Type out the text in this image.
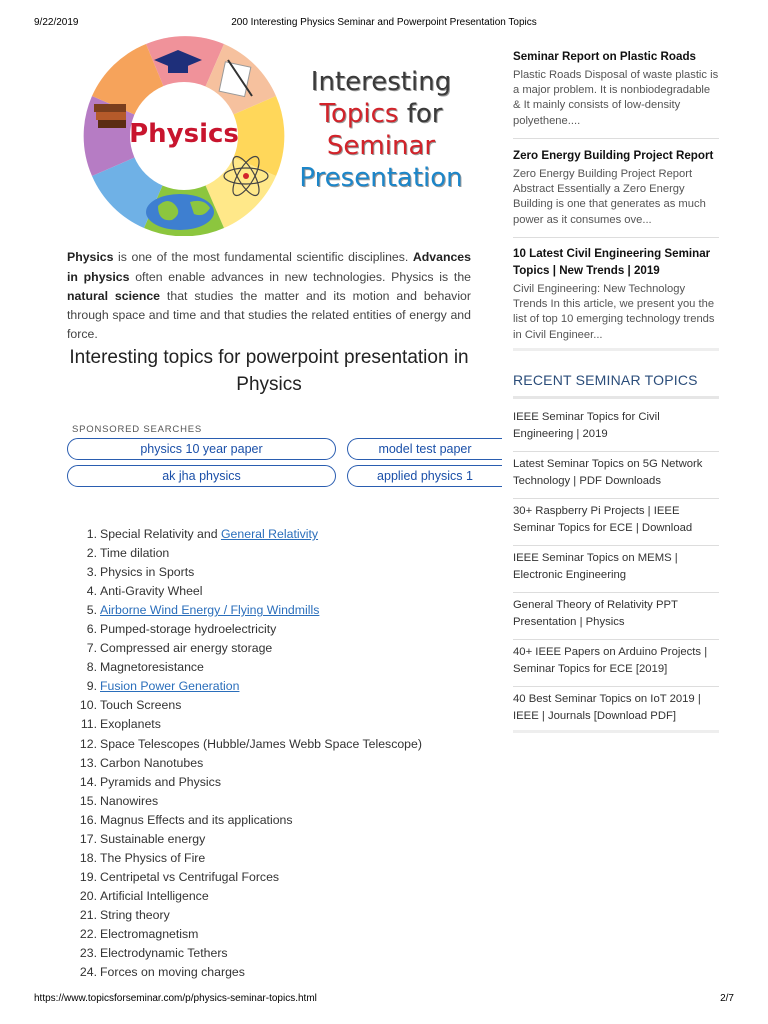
9/22/2019	200 Interesting Physics Seminar and Powerpoint Presentation Topics
Physics
Interesting
Topics for
Seminar
Presentation

Physics is one of the most fundamental scientific disciplines. Advances in physics often enable advances in new technologies. Physics is the natural science that studies the matter and its motion and behavior through space and time and that studies the related entities of energy and force.

Interesting topics for powerpoint presentation in Physics
SPONSORED SEARCHES
physics 10 year paper	model test paper
ak jha physics	applied physics 1
1. Special Relativity and General Relativity
2. Time dilation
3. Physics in Sports
4. Anti-Gravity Wheel
5. Airborne Wind Energy / Flying Windmills
6. Pumped-storage hydroelectricity
7. Compressed air energy storage
8. Magnetoresistance
9. Fusion Power Generation
10. Touch Screens
11. Exoplanets
12. Space Telescopes (Hubble/James Webb Space Telescope)
13. Carbon Nanotubes
14. Pyramids and Physics
15. Nanowires
16. Magnus Effects and its applications
17. Sustainable energy
18. The Physics of Fire
19. Centripetal vs Centrifugal Forces
20. Artificial Intelligence
21. String theory
22. Electromagnetism
23. Electrodynamic Tethers
24. Forces on moving charges
Seminar Report on Plastic Roads
Plastic Roads Disposal of waste plastic is a major problem. It is nonbiodegradable & It mainly consists of low-density polyethene....
Zero Energy Building Project Report
Zero Energy Building Project Report Abstract Essentially a Zero Energy Building is one that generates as much power as it consumes ove...
10 Latest Civil Engineering Seminar Topics | New Trends | 2019
Civil Engineering: New Technology Trends In this article, we present you the list of top 10 emerging technology trends in Civil Engineer...
RECENT SEMINAR TOPICS
IEEE Seminar Topics for Civil Engineering | 2019
Latest Seminar Topics on 5G Network Technology | PDF Downloads
30+ Raspberry Pi Projects | IEEE Seminar Topics for ECE | Download
IEEE Seminar Topics on MEMS | Electronic Engineering
General Theory of Relativity PPT Presentation | Physics
40+ IEEE Papers on Arduino Projects | Seminar Topics for ECE [2019]
40 Best Seminar Topics on IoT 2019 | IEEE | Journals [Download PDF]
https://www.topicsforseminar.com/p/physics-seminar-topics.html	2/7
